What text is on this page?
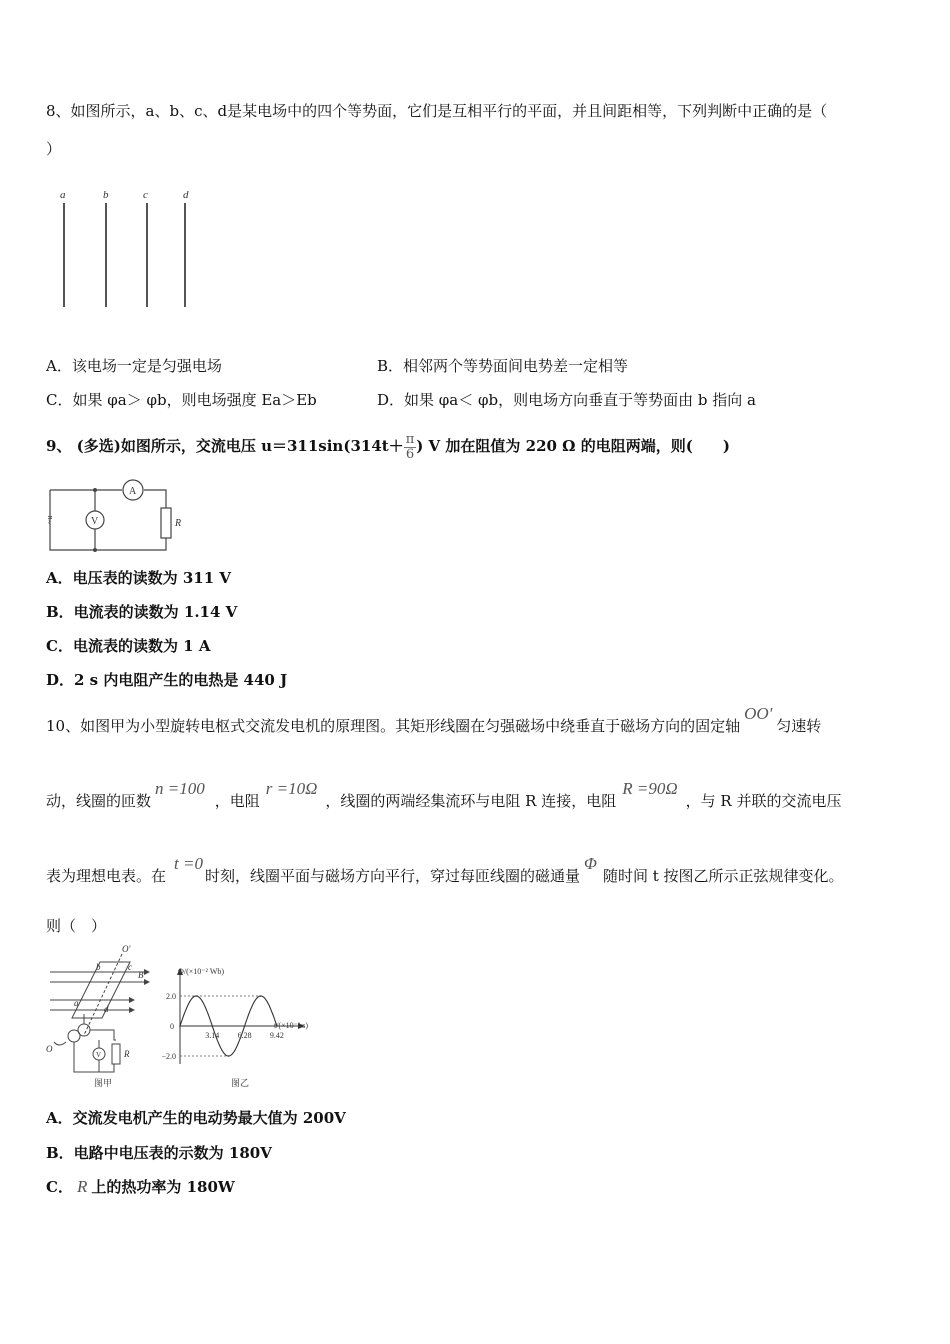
8、如图所示，a、b、c、d是某电场中的四个等势面，它们是互相平行的平面，并且间距相等，下列判断中正确的是（
）
a	b	c	d
A．该电场一定是匀强电场	B．相邻两个等势面间电势差一定相等
C．如果 φa＞ φb，则电场强度 Ea＞Eb	D．如果 φa＜ φb，则电场方向垂直于等势面由 b 指向 a
9、 (多选)如图所示，交流电压 $u=311\sin(314t+ \frac{\pi}{6}$ ) V 加在阻值为 220 Ω 的电阻两端，则(　　)
A
V	R
~u
A．电压表的读数为 311 V
B．电流表的读数为 1.14 V
C．电流表的读数为 1 A
D．2 s 内电阻产生的电热是 440 J
10、如图甲为小型旋转电枢式交流发电机的原理图。其矩形线圈在匀强磁场中绕垂直于磁场方向的固定轴OO'匀速转
动，线圈的匝数n =100，电阻r =10Ω，线圈的两端经集流环与电阻 R 连接，电阻R =90Ω，与 R 并联的交流电压
表为理想电表。在t =0时刻，线圈平面与磁场方向平行，穿过每匝线圈的磁通量Φ随时间 t 按图乙所示正弦规律变化。
则（　）
O'
b	c
B
a
d
O
V	R
图甲
Φ/(×10⁻² Wb)
t/(×10⁻² s)
2.0
−2.0
0
3.14 6.28 9.42
图乙
A．交流发电机产生的电动势最大值为 200V
B．电路中电压表的示数为 180V
C． R 上的热功率为 180W
